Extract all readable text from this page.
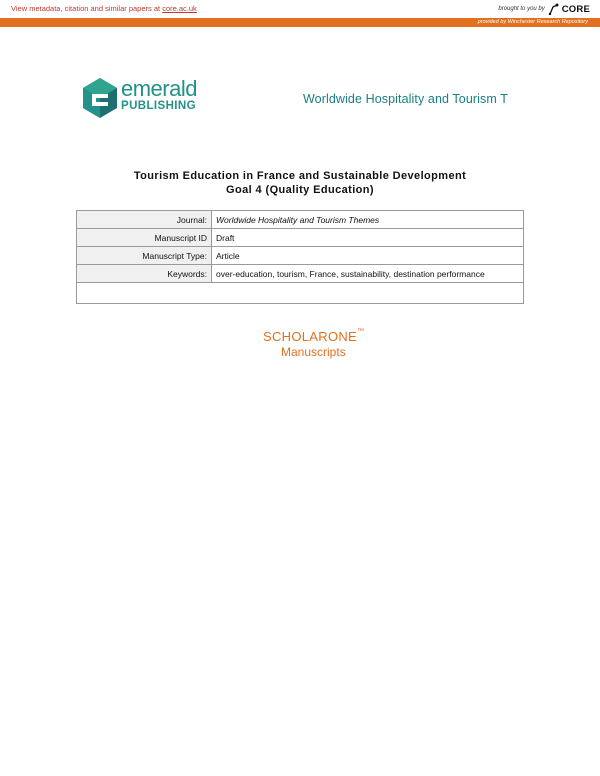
View metadata, citation and similar papers at core.ac.uk	brought to you by CORE
provided by Winchester Research Repository
emerald
PUBLISHING	Worldwide Hospitality and Tourism T
Tourism Education in France and Sustainable Development
Goal 4 (Quality Education)
Journal:	Worldwide Hospitality and Tourism Themes
Manuscript ID	Draft
Manuscript Type:	Article
Keywords:	over-education, tourism, France, sustainability, destination performance

SCHOLARONE™
Manuscripts
